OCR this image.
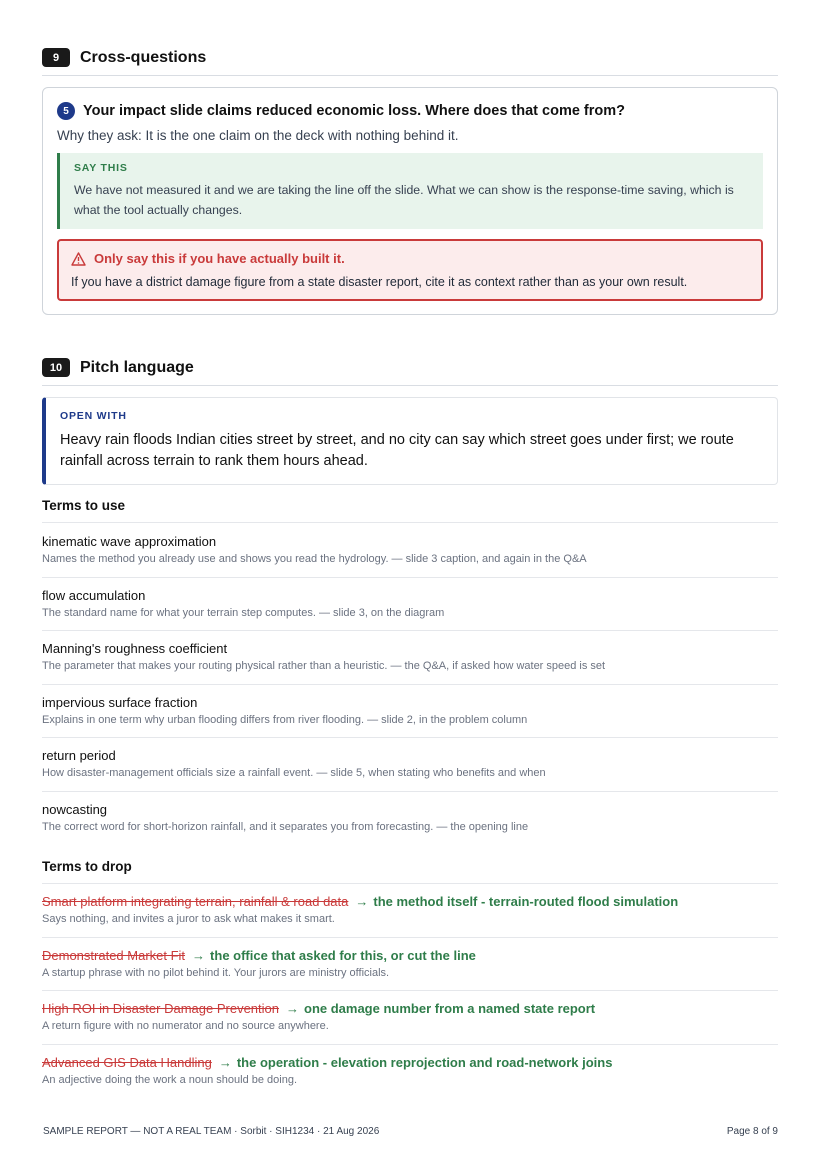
9	Cross-questions
5 Your impact slide claims reduced economic loss. Where does that come from?
Why they ask: It is the one claim on the deck with nothing behind it.
SAY THIS
We have not measured it and we are taking the line off the slide. What we can show is the response-time saving, which is what the tool actually changes.
Only say this if you have actually built it.
If you have a district damage figure from a state disaster report, cite it as context rather than as your own result.
10	Pitch language
OPEN WITH
Heavy rain floods Indian cities street by street, and no city can say which street goes under first; we route rainfall across terrain to rank them hours ahead.
Terms to use
kinematic wave approximation
Names the method you already use and shows you read the hydrology. — slide 3 caption, and again in the Q&A
flow accumulation
The standard name for what your terrain step computes. — slide 3, on the diagram
Manning's roughness coefficient
The parameter that makes your routing physical rather than a heuristic. — the Q&A, if asked how water speed is set
impervious surface fraction
Explains in one term why urban flooding differs from river flooding. — slide 2, in the problem column
return period
How disaster-management officials size a rainfall event. — slide 5, when stating who benefits and when
nowcasting
The correct word for short-horizon rainfall, and it separates you from forecasting. — the opening line
Terms to drop
Smart platform integrating terrain, rainfall & road data → the method itself - terrain-routed flood simulation
Says nothing, and invites a juror to ask what makes it smart.
Demonstrated Market Fit → the office that asked for this, or cut the line
A startup phrase with no pilot behind it. Your jurors are ministry officials.
High ROI in Disaster Damage Prevention → one damage number from a named state report
A return figure with no numerator and no source anywhere.
Advanced GIS Data Handling → the operation - elevation reprojection and road-network joins
An adjective doing the work a noun should be doing.
SAMPLE REPORT — NOT A REAL TEAM · Sorbit · SIH1234 · 21 Aug 2026	Page 8 of 9
